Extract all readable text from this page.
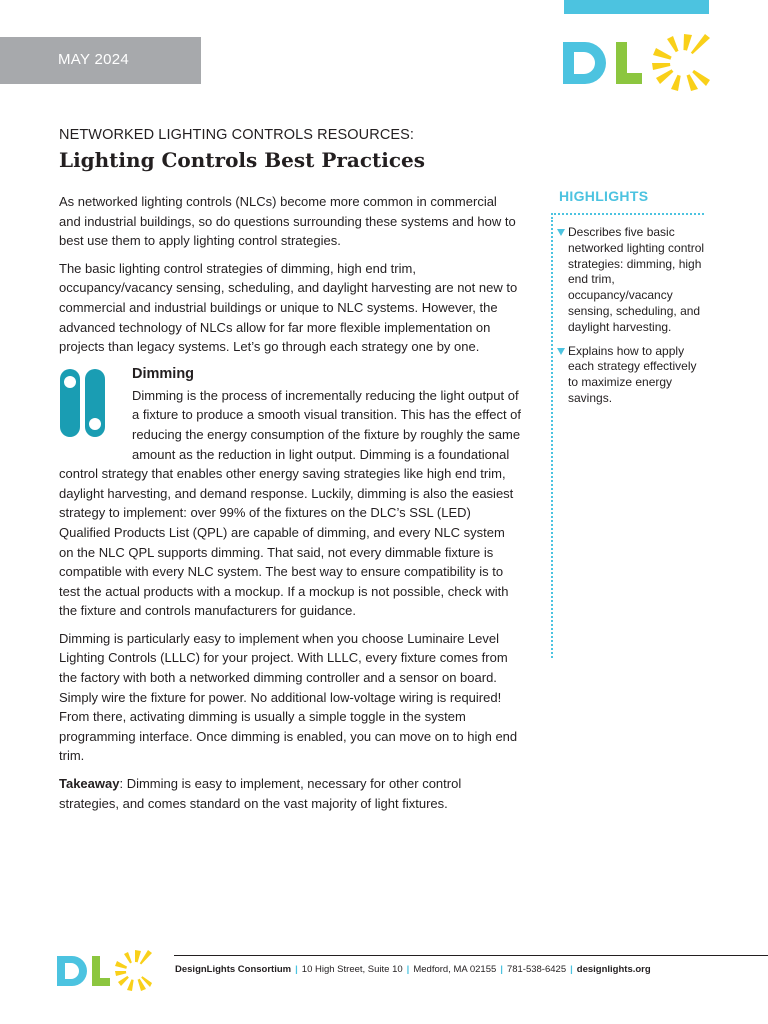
MAY 2024
NETWORKED LIGHTING CONTROLS RESOURCES:
Lighting Controls Best Practices

As networked lighting controls (NLCs) become more common in commercial and industrial buildings, so do questions surrounding these systems and how to best use them to apply lighting control strategies.

The basic lighting control strategies of dimming, high end trim, occupancy/vacancy sensing, scheduling, and daylight harvesting are not new to commercial and industrial buildings or unique to NLC systems. However, the advanced technology of NLCs allow for far more flexible implementation on projects than legacy systems. Let’s go through each strategy one by one.

Dimming

Dimming is the process of incrementally reducing the light output of a fixture to produce a smooth visual transition. This has the effect of reducing the energy consumption of the fixture by roughly the same amount as the reduction in light output. Dimming is a foundational control strategy that enables other energy saving strategies like high end trim, daylight harvesting, and demand response. Luckily, dimming is also the easiest strategy to implement: over 99% of the fixtures on the DLC’s SSL (LED) Qualified Products List (QPL) are capable of dimming, and every NLC system on the NLC QPL supports dimming. That said, not every dimmable fixture is compatible with every NLC system. The best way to ensure compatibility is to test the actual products with a mockup. If a mockup is not possible, check with the fixture and controls manufacturers for guidance.

Dimming is particularly easy to implement when you choose Luminaire Level Lighting Controls (LLLC) for your project. With LLLC, every fixture comes from the factory with both a networked dimming controller and a sensor on board. Simply wire the fixture for power. No additional low-voltage wiring is required! From there, activating dimming is usually a simple toggle in the system programming interface. Once dimming is enabled, you can move on to high end trim.

Takeaway: Dimming is easy to implement, necessary for other control strategies, and comes standard on the vast majority of light fixtures.

HIGHLIGHTS
Describes five basic networked lighting control strategies: dimming, high end trim, occupancy/vacancy sensing, scheduling, and daylight harvesting.
Explains how to apply each strategy effectively to maximize energy savings.
DesignLights Consortium | 10 High Street, Suite 10 | Medford, MA 02155 | 781-538-6425 | designlights.org
